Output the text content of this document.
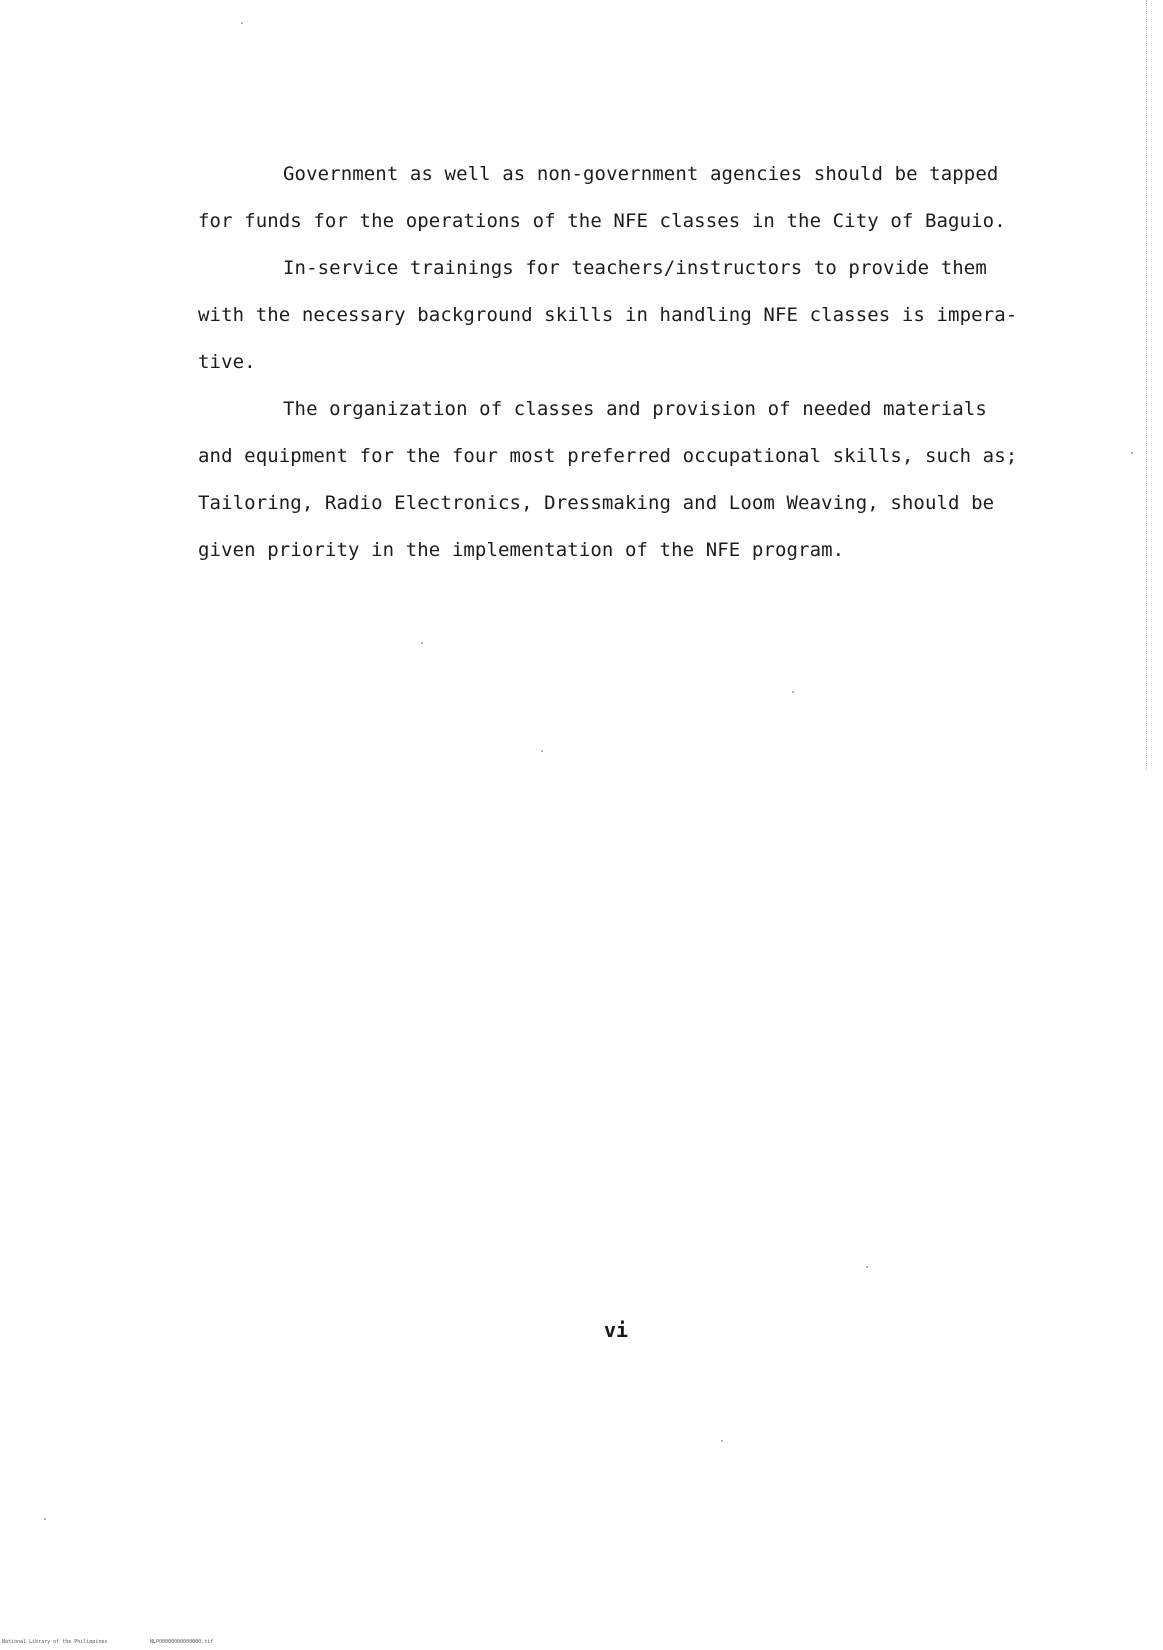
Government as well as non-government agencies should be tapped
for funds for the operations of the NFE classes in the City of Baguio.
In-service trainings for teachers/instructors to provide them
with the necessary background skills in handling NFE classes is impera-
tive.
The organization of classes and provision of needed materials
and equipment for the four most preferred occupational skills, such as;
Tailoring, Radio Electronics, Dressmaking and Loom Weaving, should be
given priority in the implementation of the NFE program.
vi
National Library of the Philippines	NLP00000000000000.tif
